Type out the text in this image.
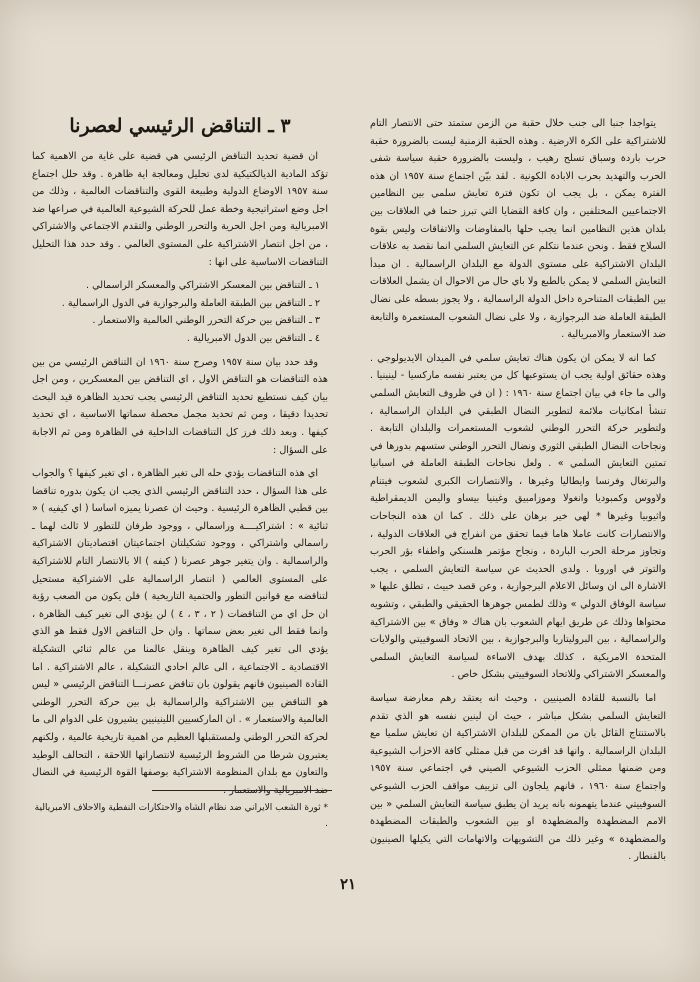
يتواجدا جنبا الى جنب خلال حقبة من الزمن ستمتد حتى الانتصار التام للاشتراكية على الكرة الارضية . وهذه الحقبة الزمنية ليست بالضرورة حقبة حرب باردة وسباق تسلح رهيب ، وليست بالضرورة حقبة سياسة شفى الحرب والتهديد بحرب الابادة الكونية . لقد بيّن اجتماع سنة ١٩٥٧ ان هذه الفترة يمكن ، بل يجب ان تكون فترة تعايش سلمي بين النظامين الاجتماعيين المختلفين ، وان كافة القضايا التي تبرز حتما في العلاقات بين بلدان هذين النظامين انما يجب حلها بالمفاوضات والاتفاقات وليس بقوة السلاح فقط . ونحن عندما نتكلم عن التعايش السلمي انما نقصد به علاقات البلدان الاشتراكية على مستوى الدولة مع البلدان الراسمالية . ان مبدأ التعايش السلمي لا يمكن بالطبع ولا باي حال من الاحوال ان يشمل العلاقات بين الطبقات المتناحرة داخل الدولة الراسمالية ، ولا يجوز بسطه على نضال الطبقة العاملة ضد البرجوازية ، ولا على نضال الشعوب المستعمرة والتابعة ضد الاستعمار والامبريالية .

كما انه لا يمكن ان يكون هناك تعايش سلمي في الميدان الايديولوجي . وهذه حقائق اولية يجب ان يستوعبها كل من يعتبر نفسه ماركسيا - لينينيا . والى ما جاء في بيان اجتماع سنة ١٩٦٠ : ( ان في ظروف التعايش السلمي تنشأ امكانيات ملائمة لتطوير النضال الطبقي في البلدان الراسمالية ، ولتطوير حركة التحرر الوطني لشعوب المستعمرات والبلدان التابعة . ونجاحات النضال الطبقي الثوري ونضال التحرر الوطني ستسهم بدورها في تمتين التعايش السلمي » . ولعل نجاحات الطبقة العاملة في اسبانيا والبرتغال وفرنسا وايطاليا وغيرها ، والانتصارات الكبرى لشعوب فيتنام ولاووس وكمبوديا وانغولا وموزامبيق وغينيا بيساو واليمن الديمقراطية واثيوبيا وغيرها * لهي خير برهان على ذلك . كما ان هذه النجاحات والانتصارات كانت عاملا هاما فيما تحقق من انفراج في العلاقات الدولية ، وتجاوز مرحلة الحرب الباردة ، ونجاح مؤتمر هلسنكي واطفاء بؤر الحرب والتوتر في اوروبا . ولدى الحديث عن سياسة التعايش السلمي ، يجب الاشارة الى ان وسائل الاعلام البرجوازية ، وعن قصد خبيث ، تطلق عليها « سياسة الوفاق الدولي » وذلك لطمس جوهرها الحقيقي والطبقي ، وتشويه محتواها وذلك عن طريق ايهام الشعوب بان هناك « وفاق » بين الاشتراكية والراسمالية ، بين البروليتاريا والبرجوازية ، بين الاتحاد السوفييتي والولايات المتحدة الامريكية ، كذلك بهدف الاساءة لسياسة التعايش السلمي والمعسكر الاشتراكي وللاتحاد السوفييتي بشكل خاص .

اما بالنسبة للقادة الصينيين ، وحيث انه يعتقد رهم معارضة سياسة التعايش السلمي بشكل مباشر ، حيث ان لينين نفسه هو الذي تقدم بالاستنتاج القائل بان من الممكن للبلدان الاشتراكية ان تعايش سلميا مع البلدان الراسمالية . وانها قد اقرت من قبل ممثلي كافة الاحزاب الشيوعية ومن ضمنها ممثلي الحزب الشيوعي الصيني في اجتماعي سنة ١٩٥٧ واجتماع سنة ١٩٦٠ ، فانهم يلجاون الى تزييف مواقف الحزب الشيوعي السوفييتي عندما يتهمونه بانه يريد ان يطبق سياسة التعايش السلمي « بين الامم المضطهدة والمضطهدة او بين الشعوب والطبقات المضطهدة والمضطهدة » وغير ذلك من التشويهات والاتهامات التي يكيلها الصينيون بالقنطار .

٣ ـ التناقض الرئيسي لعصرنا

ان قضية تحديد التناقض الرئيسي هي قضية على غاية من الاهمية كما تؤكد المادية الديالكتيكية لدى تحليل ومعالجة اية ظاهرة . وقد حلل اجتماع سنة ١٩٥٧ الاوضاع الدولية وطبيعة القوى والتناقضات العالمية ، وذلك من اجل وضع استراتيجية وخطة عمل للحركة الشيوعية العالمية في صراعها ضد الامبريالية ومن اجل الحرية والتحرر الوطني والتقدم الاجتماعي والاشتراكي ، من اجل انتصار الاشتراكية على المستوى العالمي . وقد حدد هذا التحليل التناقضات الاساسية على انها :

١ ـ التناقض بين المعسكر الاشتراكي والمعسكر الراسمالي .
٢ ـ التناقض بين الطبقة العاملة والبرجوازية في الدول الراسمالية .
٣ ـ التناقض بين حركة التحرر الوطني العالمية والاستعمار .
٤ ـ التناقض بين الدول الامبريالية .

وقد حدد بيان سنة ١٩٥٧ وصرح سنة ١٩٦٠ ان التناقض الرئيسي من بين هذه التناقضات هو التناقض الاول ، اي التناقض بين المعسكرين ، ومن اجل بيان كيف نستطيع تحديد التناقض الرئيسي يجب تحديد الظاهرة قيد البحث تحديدا دقيقا ، ومن ثم تحديد مجمل محصلة سماتها الاساسية ، اي تحديد كيفها . وبعد ذلك فرز كل التناقضات الداخلية في الظاهرة ومن ثم الاجابة على السؤال :

اي هذه التناقضات يؤدي حله الى تغير الظاهرة ، اي تغير كيفها ؟ والجواب على هذا السؤال ، حدد التناقض الرئيسي الذي يجب ان يكون بدوره تناقضا بين قطبي الظاهرة الرئيسية . وحيث ان عصرنا يميزه اساسا ( اي كيفيه ) « ثنائية » : اشتراكيــــة وراسمالي ، ووجود طرفان للتطور لا ثالث لهما ـ راسمالي واشتراكي ، ووجود تشكيلتان اجتماعيتان اقتصاديتان الاشتراكية والراسمالية . وان يتغير جوهر عصرنا ( كيفه ) الا بالانتصار التام للاشتراكية على المستوى العالمي ( انتصار الراسمالية على الاشتراكية مستحيل لتناقضه مع قوانين التطور والحتمية التاريخية ) فلن يكون من الصعب رؤية ان حل اي من التناقضات ( ٢ ، ٣ ، ٤ ) لن يؤدي الى تغير كيف الظاهرة ، وانما فقط الى تغير بعض سماتها . وان حل التناقض الاول فقط هو الذي يؤدي الى تغير كيف الظاهرة وينقل عالمنا من عالم ثنائي التشكيلة الاقتصادية ـ الاجتماعية ، الى عالم احادي التشكيلة ، عالم الاشتراكية . اما القادة الصينيون فانهم يقولون بان تناقض عصرنـــا التناقض الرئيسي « ليس هو التناقض بين الاشتراكية والراسمالية بل بين حركة التحرر الوطني العالمية والاستعمار » . ان الماركسيين اللينينيين يشيرون على الدوام الى ما لحركة التحرر الوطني ولمستقبلها العظيم من اهمية تاريخية عالمية ، ولكنهم يعتبرون شرطا من الشروط الرئيسية لانتصاراتها اللاحقة ، التحالف الوطيد والتعاون مع بلدان المنظومة الاشتراكية بوصفها القوة الرئيسية في النضال ضد الامبريالية والاستعمار .

* ثورة الشعب الايراني ضد نظام الشاه والاحتكارات النفطية والاحلاف الامبريالية .
٢١
